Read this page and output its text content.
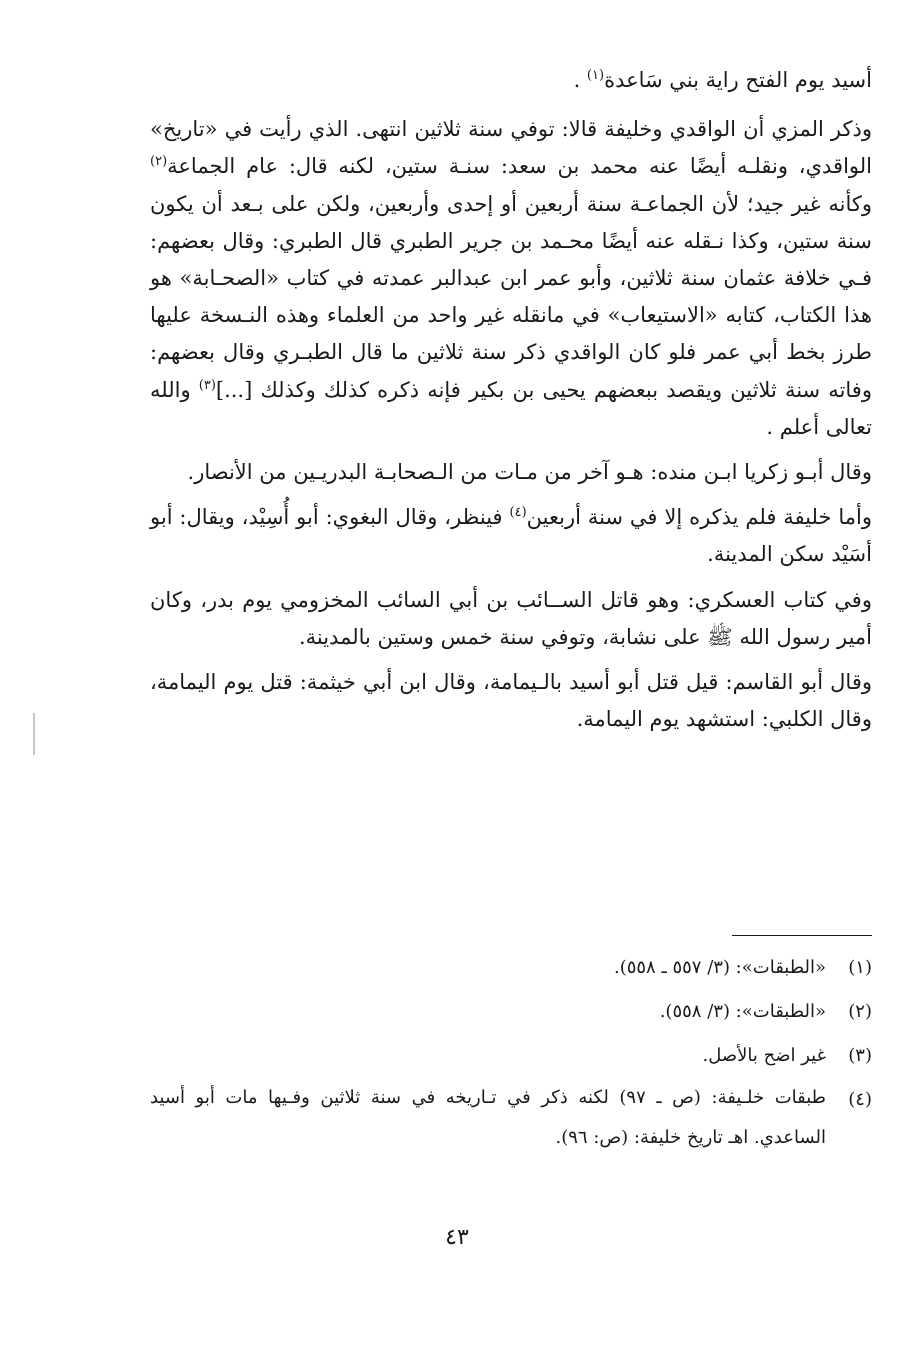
أسيد يوم الفتح راية بني سَاعدة$^{(١)}$ .

وذكر المزي أن الواقدي وخليفة قالا: توفي سنة ثلاثين انتهى. الذي رأيت في «تاريخ» الواقدي، ونقلـه أيضًا عنه محمد بن سعد: سنـة ستين، لكنه قال: عام الجماعة$^{(٢)}$ وكأنه غير جيد؛ لأن الجماعـة سنة أربعين أو إحدى وأربعين، ولكن على بـعد أن يكون سنة ستين، وكذا نـقله عنه أيضًا محـمد بن جرير الطبري قال الطبري: وقال بعضهم: فـي خلافة عثمان سنة ثلاثين، وأبو عمر ابن عبدالبر عمدته في كتاب «الصحـابة» هو هذا الكتاب، كتابه «الاستيعاب» في مانقله غير واحد من العلماء وهذه النـسخة عليها طرز بخط أبي عمر فلو كان الواقدي ذكر سنة ثلاثين ما قال الطبـري وقال بعضهم: وفاته سنة ثلاثين ويقصد ببعضهم يحيى بن بكير فإنه ذكره كذلك وكذلك [...]$^{(٣)}$ والله تعالى أعلم .

وقال أبـو زكريا ابـن منده: هـو آخر من مـات من الـصحابـة البدريـين من الأنصار.

وأما خليفة فلم يذكره إلا في سنة أربعين$^{(٤)}$ فينظر، وقال البغوي: أبو أُسِيْد، ويقال: أبو أسَيْد سكن المدينة.

وفي كتاب العسكري: وهو قاتل الســائب بن أبي السائب المخزومي يوم بدر، وكان أمير رسول الله ﷺ على نشابة، وتوفي سنة خمس وستين بالمدينة.

وقال أبو القاسم: قيل قتل أبو أسيد بالـيمامة، وقال ابن أبي خيثمة: قتل يوم اليمامة، وقال الكلبي: استشهد يوم اليمامة.

(١)
«الطبقات»: (٣/ ٥٥٧ ـ ٥٥٨).
(٢)
«الطبقات»: (٣/ ٥٥٨).
(٣)
غير اضح بالأصل.
(٤)
طبقات خلـيفة: (ص ـ ٩٧) لكنه ذكر في تـاريخه في سنة ثلاثين وفـيها مات أبو أسيد الساعدي. اهـ تاريخ خليفة: (ص: ٩٦).
٤٣
